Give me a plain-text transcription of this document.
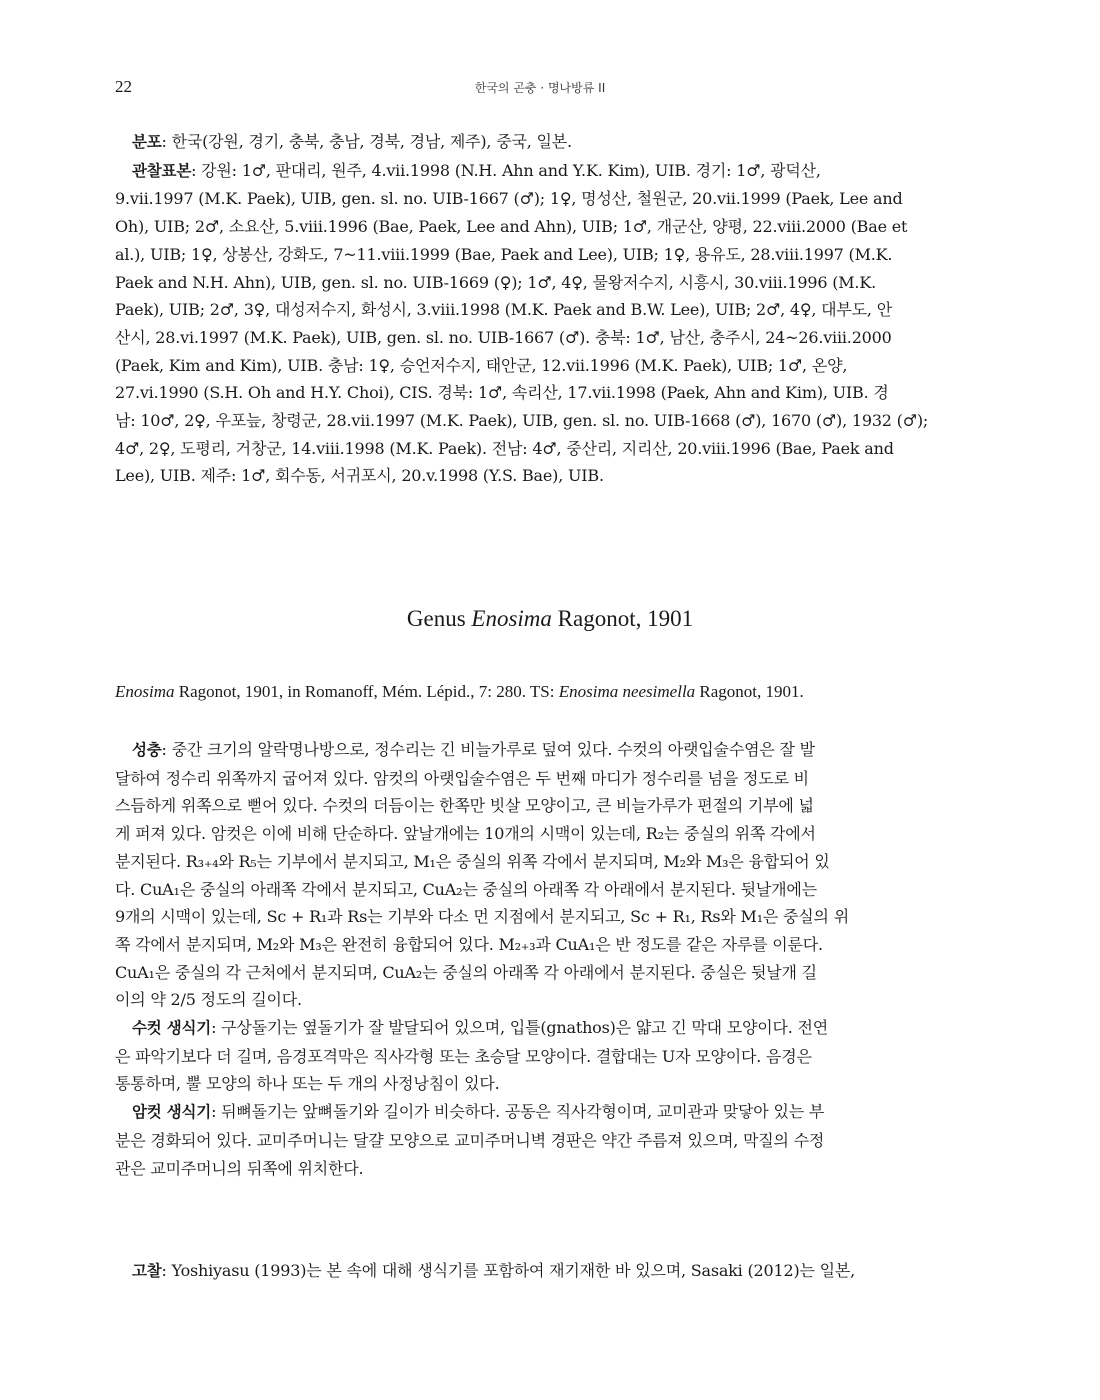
22	한국의 곤충 · 명나방류 II

분포: 한국(강원, 경기, 충북, 충남, 경북, 경남, 제주), 중국, 일본.

관찰표본: 강원: 1♂, 판대리, 원주, 4.vii.1998 (N.H. Ahn and Y.K. Kim), UIB. 경기: 1♂, 광덕산,
9.vii.1997 (M.K. Paek), UIB, gen. sl. no. UIB-1667 (♂); 1♀, 명성산, 철원군, 20.vii.1999 (Paek, Lee and
Oh), UIB; 2♂, 소요산, 5.viii.1996 (Bae, Paek, Lee and Ahn), UIB; 1♂, 개군산, 양평, 22.viii.2000 (Bae et
al.), UIB; 1♀, 상봉산, 강화도, 7~11.viii.1999 (Bae, Paek and Lee), UIB; 1♀, 용유도, 28.viii.1997 (M.K.
Paek and N.H. Ahn), UIB, gen. sl. no. UIB-1669 (♀); 1♂, 4♀, 물왕저수지, 시흥시, 30.viii.1996 (M.K.
Paek), UIB; 2♂, 3♀, 대성저수지, 화성시, 3.viii.1998 (M.K. Paek and B.W. Lee), UIB; 2♂, 4♀, 대부도, 안
산시, 28.vi.1997 (M.K. Paek), UIB, gen. sl. no. UIB-1667 (♂). 충북: 1♂, 남산, 충주시, 24~26.viii.2000
(Paek, Kim and Kim), UIB. 충남: 1♀, 승언저수지, 태안군, 12.vii.1996 (M.K. Paek), UIB; 1♂, 온양,
27.vi.1990 (S.H. Oh and H.Y. Choi), CIS. 경북: 1♂, 속리산, 17.vii.1998 (Paek, Ahn and Kim), UIB. 경
남: 10♂, 2♀, 우포늪, 창령군, 28.vii.1997 (M.K. Paek), UIB, gen. sl. no. UIB-1668 (♂), 1670 (♂), 1932 (♂);
4♂, 2♀, 도평리, 거창군, 14.viii.1998 (M.K. Paek). 전남: 4♂, 중산리, 지리산, 20.viii.1996 (Bae, Paek and
Lee), UIB. 제주: 1♂, 회수동, 서귀포시, 20.v.1998 (Y.S. Bae), UIB.

Genus Enosima Ragonot, 1901
Enosima Ragonot, 1901, in Romanoff, Mém. Lépid., 7: 280. TS: Enosima neesimella Ragonot, 1901.

성충: 중간 크기의 알락명나방으로, 정수리는 긴 비늘가루로 덮여 있다. 수컷의 아랫입술수염은 잘 발
달하여 정수리 위쪽까지 굽어져 있다. 암컷의 아랫입술수염은 두 번째 마디가 정수리를 넘을 정도로 비
스듬하게 위쪽으로 뻗어 있다. 수컷의 더듬이는 한쪽만 빗살 모양이고, 큰 비늘가루가 편절의 기부에 넓
게 퍼져 있다. 암컷은 이에 비해 단순하다. 앞날개에는 10개의 시맥이 있는데, R₂는 중실의 위쪽 각에서
분지된다. R₃₊₄와 R₅는 기부에서 분지되고, M₁은 중실의 위쪽 각에서 분지되며, M₂와 M₃은 융합되어 있
다. CuA₁은 중실의 아래쪽 각에서 분지되고, CuA₂는 중실의 아래쪽 각 아래에서 분지된다. 뒷날개에는
9개의 시맥이 있는데, Sc + R₁과 Rs는 기부와 다소 먼 지점에서 분지되고, Sc + R₁, Rs와 M₁은 중실의 위
쪽 각에서 분지되며, M₂와 M₃은 완전히 융합되어 있다. M₂₊₃과 CuA₁은 반 정도를 같은 자루를 이룬다.
CuA₁은 중실의 각 근처에서 분지되며, CuA₂는 중실의 아래쪽 각 아래에서 분지된다. 중실은 뒷날개 길
이의 약 2/5 정도의 길이다.

수컷 생식기: 구상돌기는 옆돌기가 잘 발달되어 있으며, 입틀(gnathos)은 얇고 긴 막대 모양이다. 전연
은 파악기보다 더 길며, 음경포격막은 직사각형 또는 초승달 모양이다. 결합대는 U자 모양이다. 음경은
통통하며, 뿔 모양의 하나 또는 두 개의 사정낭침이 있다.

암컷 생식기: 뒤뼈돌기는 앞뼈돌기와 길이가 비슷하다. 공동은 직사각형이며, 교미관과 맞닿아 있는 부
분은 경화되어 있다. 교미주머니는 달걀 모양으로 교미주머니벽 경판은 약간 주름져 있으며, 막질의 수정
관은 교미주머니의 뒤쪽에 위치한다.

고찰: Yoshiyasu (1993)는 본 속에 대해 생식기를 포함하여 재기재한 바 있으며, Sasaki (2012)는 일본,
